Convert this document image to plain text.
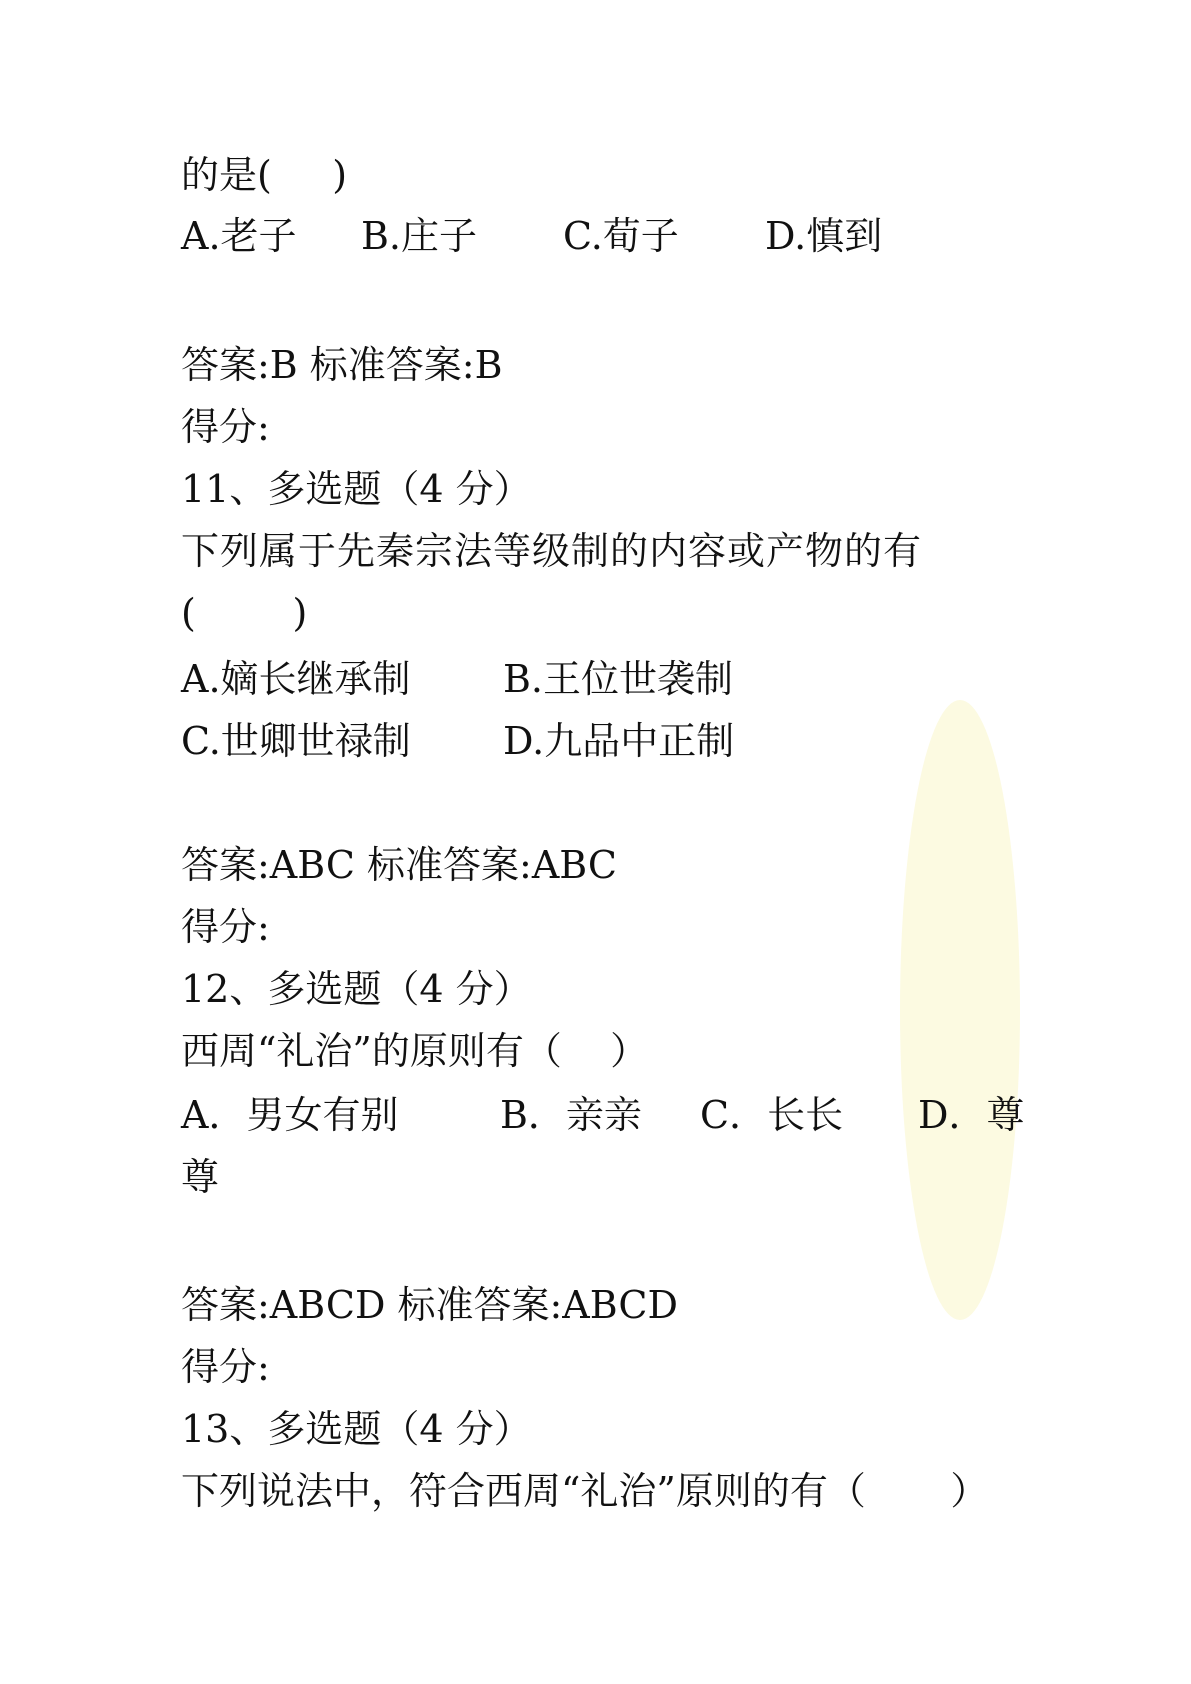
的是(     )
A.老子 B.庄子 C.荀子 D.慎到
答案:B 标准答案:B
得分:
11、多选题（4 分）
下列属于先秦宗法等级制的内容或产物的有
(        )
A.嫡长继承制 B.王位世袭制
C.世卿世禄制 D.九品中正制
答案:ABC 标准答案:ABC
得分:
12、多选题（4 分）
西周“礼治”的原则有（    ）
A．男女有别	B．亲亲 C．长长 D．尊
尊
答案:ABCD 标准答案:ABCD
得分:
13、多选题（4 分）
下列说法中，符合西周“礼治”原则的有（       ）
